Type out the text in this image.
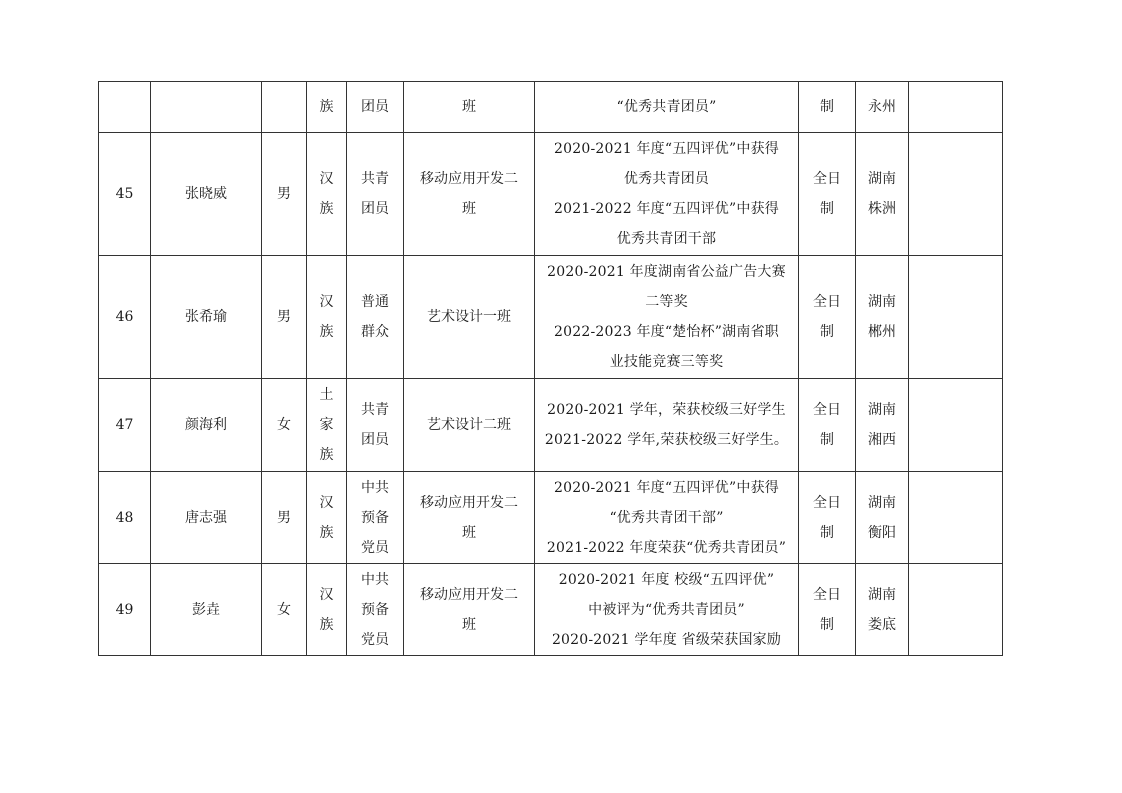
			族	团员	班	“优秀共青团员”	制	永州	

45	张晓威	男	汉
族	共青
团员	移动应用开发二
班	2020-2021 年度“五四评优”中获得
优秀共青团员
2021-2022 年度“五四评优”中获得
优秀共青团干部	全日
制	湖南
株洲	

46	张希瑜	男	汉
族	普通
群众	艺术设计一班	2020-2021 年度湖南省公益广告大赛
二等奖
2022-2023 年度“楚怡杯”湖南省职
业技能竞赛三等奖	全日
制	湖南
郴州	

47	颜海利	女	土
家
族	共青
团员	艺术设计二班	2020-2021 学年，荣获校级三好学生
2021-2022 学年,荣获校级三好学生。	全日
制	湖南
湘西	

48	唐志强	男	汉
族	中共
预备
党员	移动应用开发二
班	2020-2021 年度“五四评优”中获得
“优秀共青团干部”
2021-2022 年度荣获“优秀共青团员”	全日
制	湖南
衡阳	

49	彭垚	女	汉
族	中共
预备
党员	移动应用开发二
班	2020-2021 年度 校级“五四评优”
中被评为“优秀共青团员”
2020-2021 学年度 省级荣获国家励	全日
制	湖南
娄底	
